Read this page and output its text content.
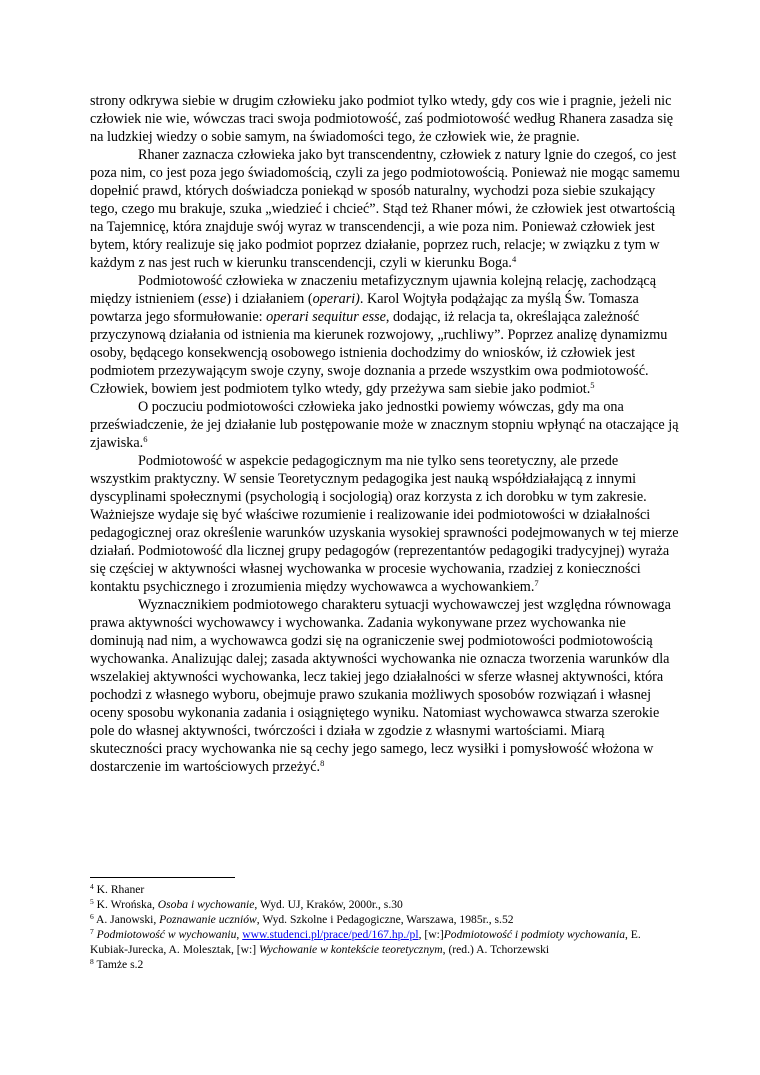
strony odkrywa siebie w drugim człowieku jako podmiot tylko wtedy, gdy cos wie i pragnie, jeżeli nic człowiek nie wie, wówczas traci swoja podmiotowość, zaś podmiotowość według Rhanera zasadza się na ludzkiej wiedzy o sobie samym, na świadomości tego, że człowiek wie, że pragnie.

Rhaner zaznacza człowieka jako byt transcendentny, człowiek z natury lgnie do czegoś, co jest poza nim, co jest poza jego świadomością, czyli za jego podmiotowością. Ponieważ nie mogąc samemu dopełnić prawd, których doświadcza poniekąd w sposób naturalny, wychodzi poza siebie szukający tego, czego mu brakuje, szuka „wiedzieć i chcieć”. Stąd też Rhaner mówi, że człowiek jest otwartością na Tajemnicę, która znajduje swój wyraz w transcendencji, a wie poza nim. Ponieważ człowiek jest bytem, który realizuje się jako podmiot poprzez działanie, poprzez ruch, relacje; w związku z tym w każdym z nas jest ruch w kierunku transcendencji, czyli w kierunku Boga.$^4$

Podmiotowość człowieka w znaczeniu metafizycznym ujawnia kolejną relację, zachodzącą między istnieniem (esse) i działaniem (operari). Karol Wojtyła podążając za myślą Św. Tomasza powtarza jego sformułowanie: operari sequitur esse, dodając, iż relacja ta, określająca zależność przyczynową działania od istnienia ma kierunek rozwojowy, „ruchliwy”. Poprzez analizę dynamizmu osoby, będącego konsekwencją osobowego istnienia dochodzimy do wniosków, iż człowiek jest podmiotem przezywającym swoje czyny, swoje doznania a przede wszystkim owa podmiotowość. Człowiek, bowiem jest podmiotem tylko wtedy, gdy przeżywa sam siebie jako podmiot.$^5$

O poczuciu podmiotowości człowieka jako jednostki powiemy wówczas, gdy ma ona przeświadczenie, że jej działanie lub postępowanie może w znacznym stopniu wpłynąć na otaczające ją zjawiska.$^6$

Podmiotowość w aspekcie pedagogicznym ma nie tylko sens teoretyczny, ale przede wszystkim praktyczny. W sensie Teoretycznym pedagogika jest nauką współdziałającą z innymi dyscyplinami społecznymi (psychologią i socjologią) oraz korzysta z ich dorobku w tym zakresie. Ważniejsze wydaje się być właściwe rozumienie i realizowanie idei podmiotowości w działalności pedagogicznej oraz określenie warunków uzyskania wysokiej sprawności podejmowanych w tej mierze działań. Podmiotowość dla licznej grupy pedagogów (reprezentantów pedagogiki tradycyjnej) wyraża się częściej w aktywności własnej wychowanka w procesie wychowania, rzadziej z konieczności kontaktu psychicznego i zrozumienia między wychowawca a wychowankiem.$^7$

Wyznacznikiem podmiotowego charakteru sytuacji wychowawczej jest względna równowaga prawa aktywności wychowawcy i wychowanka. Zadania wykonywane przez wychowanka nie dominują nad nim, a wychowawca godzi się na ograniczenie swej podmiotowości podmiotowością wychowanka. Analizując dalej; zasada aktywności wychowanka nie oznacza tworzenia warunków dla wszelakiej aktywności wychowanka, lecz takiej jego działalności w sferze własnej aktywności, która pochodzi z własnego wyboru, obejmuje prawo szukania możliwych sposobów rozwiązań i własnej oceny sposobu wykonania zadania i osiągniętego wyniku. Natomiast wychowawca stwarza szerokie pole do własnej aktywności, twórczości i działa w zgodzie z własnymi wartościami. Miarą skuteczności pracy wychowanka nie są cechy jego samego, lecz wysiłki i pomysłowość włożona w dostarczenie im wartościowych przeżyć.$^8$

$^4$ K. Rhaner

$^5$ K. Wrońska, Osoba i wychowanie, Wyd. UJ, Kraków, 2000r., s.30

$^6$ A. Janowski, Poznawanie uczniów, Wyd. Szkolne i Pedagogiczne, Warszawa, 1985r., s.52

$^7$ Podmiotowość w wychowaniu, www.studenci.pl/prace/ped/167.hp./pl, [w:]Podmiotowość i podmioty wychowania, E. Kubiak-Jurecka, A. Molesztak, [w:] Wychowanie w kontekście teoretycznym, (red.) A. Tchorzewski

$^8$ Tamże s.2
